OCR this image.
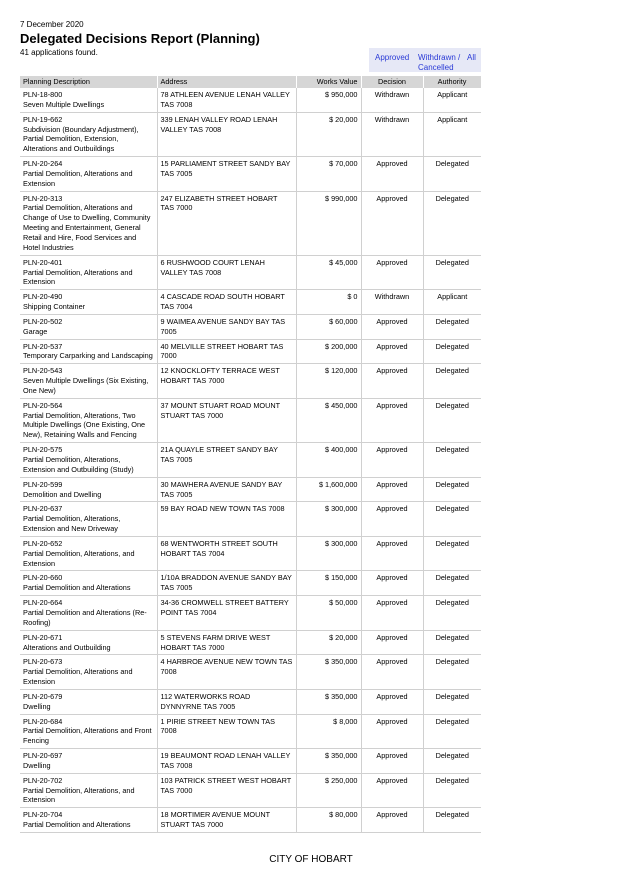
7 December 2020
Delegated Decisions Report (Planning)
41 applications found.
Approved Withdrawn /
Cancelled
All
Planning Description	Address	Works Value	Decision	Authority

PLN-18-800
Seven Multiple Dwellings	78 ATHLEEN AVENUE LENAH VALLEY TAS 7008	$ 950,000	Withdrawn	Applicant

PLN-19-662
Subdivision (Boundary Adjustment), Partial Demolition, Extension, Alterations and Outbuildings	339 LENAH VALLEY ROAD LENAH VALLEY TAS 7008	$ 20,000	Withdrawn	Applicant

PLN-20-264
Partial Demolition, Alterations and Extension	15 PARLIAMENT STREET SANDY BAY TAS 7005	$ 70,000	Approved	Delegated

PLN-20-313
Partial Demolition, Alterations and Change of Use to Dwelling, Community Meeting and Entertainment, General Retail and Hire, Food Services and Hotel Industries	247 ELIZABETH STREET HOBART TAS 7000	$ 990,000	Approved	Delegated

PLN-20-401
Partial Demolition, Alterations and Extension	6 RUSHWOOD COURT LENAH VALLEY TAS 7008	$ 45,000	Approved	Delegated

PLN-20-490
Shipping Container	4 CASCADE ROAD SOUTH HOBART TAS 7004	$ 0	Withdrawn	Applicant

PLN-20-502
Garage	9 WAIMEA AVENUE SANDY BAY TAS 7005	$ 60,000	Approved	Delegated

PLN-20-537
Temporary Carparking and Landscaping	40 MELVILLE STREET HOBART TAS 7000	$ 200,000	Approved	Delegated

PLN-20-543
Seven Multiple Dwellings (Six Existing, One New)	12 KNOCKLOFTY TERRACE WEST HOBART TAS 7000	$ 120,000	Approved	Delegated

PLN-20-564
Partial Demolition, Alterations, Two Multiple Dwellings (One Existing, One New), Retaining Walls and Fencing	37 MOUNT STUART ROAD MOUNT STUART TAS 7000	$ 450,000	Approved	Delegated

PLN-20-575
Partial Demolition, Alterations, Extension and Outbuilding (Study)	21A QUAYLE STREET SANDY BAY TAS 7005	$ 400,000	Approved	Delegated

PLN-20-599
Demolition and Dwelling	30 MAWHERA AVENUE SANDY BAY TAS 7005	$ 1,600,000	Approved	Delegated

PLN-20-637
Partial Demolition, Alterations, Extension and New Driveway	59 BAY ROAD NEW TOWN TAS 7008	$ 300,000	Approved	Delegated

PLN-20-652
Partial Demolition, Alterations, and Extension	68 WENTWORTH STREET SOUTH HOBART TAS 7004	$ 300,000	Approved	Delegated

PLN-20-660
Partial Demolition and Alterations	1/10A BRADDON AVENUE SANDY BAY TAS 7005	$ 150,000	Approved	Delegated

PLN-20-664
Partial Demolition and Alterations (Re-Roofing)	34-36 CROMWELL STREET BATTERY POINT TAS 7004	$ 50,000	Approved	Delegated

PLN-20-671
Alterations and Outbuilding	5 STEVENS FARM DRIVE WEST HOBART TAS 7000	$ 20,000	Approved	Delegated

PLN-20-673
Partial Demolition, Alterations and Extension	4 HARBROE AVENUE NEW TOWN TAS 7008	$ 350,000	Approved	Delegated

PLN-20-679
Dwelling	112 WATERWORKS ROAD DYNNYRNE TAS 7005	$ 350,000	Approved	Delegated

PLN-20-684
Partial Demolition, Alterations and Front Fencing	1 PIRIE STREET NEW TOWN TAS 7008	$ 8,000	Approved	Delegated

PLN-20-697
Dwelling	19 BEAUMONT ROAD LENAH VALLEY TAS 7008	$ 350,000	Approved	Delegated

PLN-20-702
Partial Demolition, Alterations, and Extension	103 PATRICK STREET WEST HOBART TAS 7000	$ 250,000	Approved	Delegated

PLN-20-704
Partial Demolition and Alterations	18 MORTIMER AVENUE MOUNT STUART TAS 7000	$ 80,000	Approved	Delegated
CITY OF HOBART
